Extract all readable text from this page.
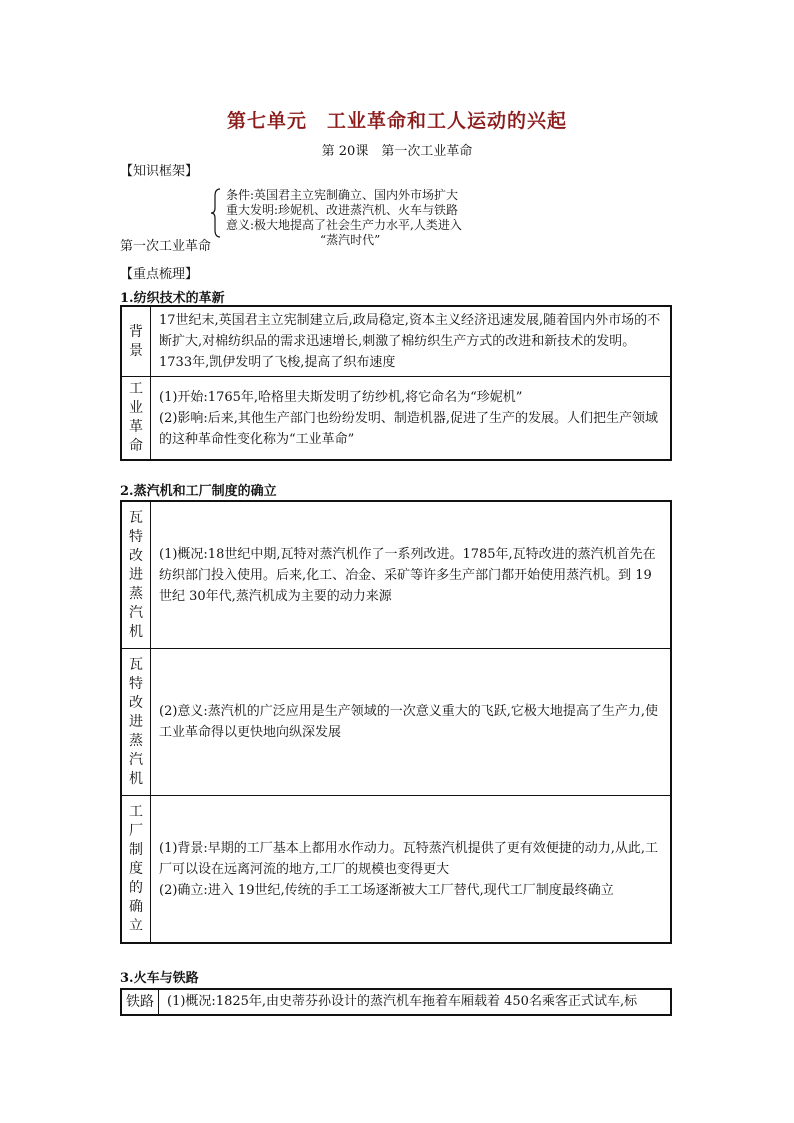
第七单元　工业革命和工人运动的兴起
第 20课　第一次工业革命
【知识框架】
第一次工业革命
条件:英国君主立宪制确立、国内外市场扩大
重大发明:珍妮机、改进蒸汽机、火车与铁路
意义:极大地提高了社会生产力水平,人类进入
“蒸汽时代”
【重点梳理】
1.纺织技术的革新
背景	17世纪末,英国君主立宪制建立后,政局稳定,资本主义经济迅速发展,随着国内外市场的不断扩大,对棉纺织品的需求迅速增长,刺激了棉纺织生产方式的改进和新技术的发明。1733年,凯伊发明了飞梭,提高了织布速度

工业革命	(1)开始:1765年,哈格里夫斯发明了纺纱机,将它命名为“珍妮机”

(2)影响:后来,其他生产部门也纷纷发明、制造机器,促进了生产的发展。人们把生产领域的这种革命性变化称为“工业革命”

2.蒸汽机和工厂制度的确立
瓦特改进蒸汽机	(1)概况:18世纪中期,瓦特对蒸汽机作了一系列改进。1785年,瓦特改进的蒸汽机首先在纺织部门投入使用。后来,化工、冶金、采矿等许多生产部门都开始使用蒸汽机。到 19世纪 30年代,蒸汽机成为主要的动力来源

瓦特改进蒸汽机	(2)意义:蒸汽机的广泛应用是生产领域的一次意义重大的飞跃,它极大地提高了生产力,使工业革命得以更快地向纵深发展

工厂制度的确立	(1)背景:早期的工厂基本上都用水作动力。瓦特蒸汽机提供了更有效便捷的动力,从此,工厂可以设在远离河流的地方,工厂的规模也变得更大

(2)确立:进入 19世纪,传统的手工工场逐渐被大工厂替代,现代工厂制度最终确立

3.火车与铁路
铁路	(1)概况:1825年,由史蒂芬孙设计的蒸汽机车拖着车厢载着 450名乘客正式试车,标
